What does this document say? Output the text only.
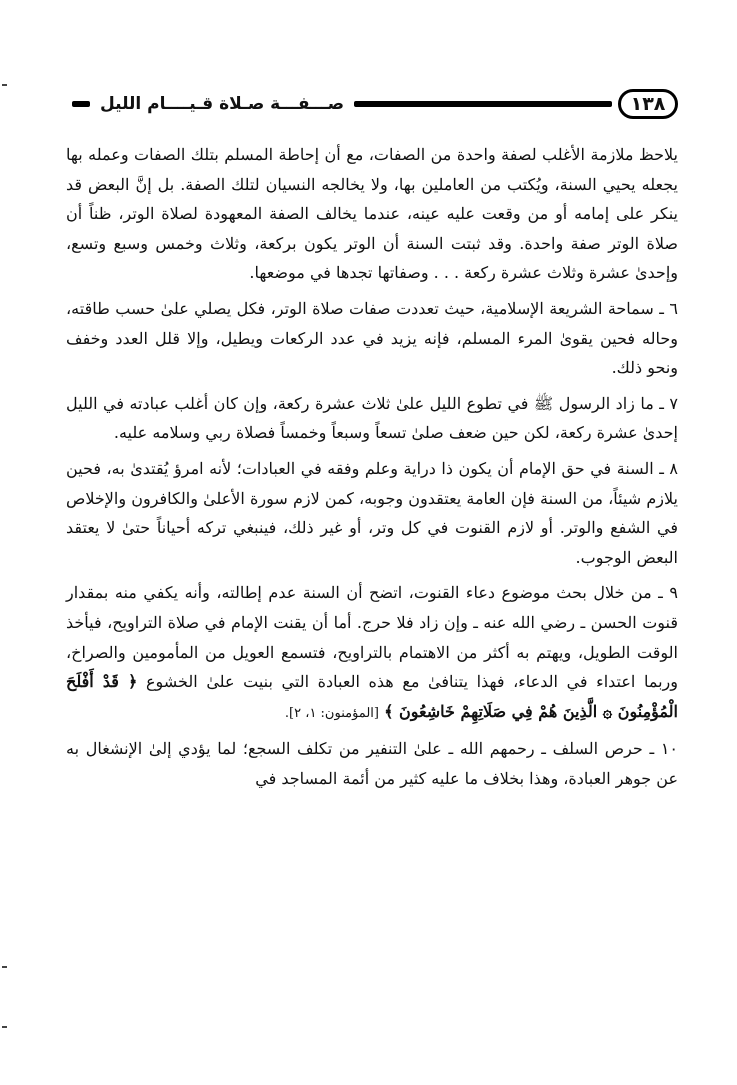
١٣٨
صـــفـــة صـلاة قـيــــام الليل

يلاحظ ملازمة الأغلب لصفة واحدة من الصفات، مع أن إحاطة المسلم بتلك الصفات وعمله بها يجعله يحيي السنة، ويُكتب من العاملين بها، ولا يخالجه النسيان لتلك الصفة. بل إنَّ البعض قد ينكر على إمامه أو من وقعت عليه عينه، عندما يخالف الصفة المعهودة لصلاة الوتر، ظناً أن صلاة الوتر صفة واحدة. وقد ثبتت السنة أن الوتر يكون بركعة، وثلاث وخمس وسبع وتسع، وإحدىٰ عشرة وثلاث عشرة ركعة . . . وصفاتها تجدها في موضعها.

٦ ـ سماحة الشريعة الإسلامية، حيث تعددت صفات صلاة الوتر، فكل يصلي علىٰ حسب طاقته، وحاله فحين يقوىٰ المرء المسلم، فإنه يزيد في عدد الركعات ويطيل، وإلا قلل العدد وخفف ونحو ذلك.

٧ ـ ما زاد الرسول ﷺ في تطوع الليل علىٰ ثلاث عشرة ركعة، وإن كان أغلب عبادته في الليل إحدىٰ عشرة ركعة، لكن حين ضعف صلىٰ تسعاً وسبعاً وخمساً فصلاة ربي وسلامه عليه.

٨ ـ السنة في حق الإمام أن يكون ذا دراية وعلم وفقه في العبادات؛ لأنه امرؤ يُقتدىٰ به، فحين يلازم شيئاً، من السنة فإن العامة يعتقدون وجوبه، كمن لازم سورة الأعلىٰ والكافرون والإخلاص في الشفع والوتر. أو لازم القنوت في كل وتر، أو غير ذلك، فينبغي تركه أحياناً حتىٰ لا يعتقد البعض الوجوب.

٩ ـ من خلال بحث موضوع دعاء القنوت، اتضح أن السنة عدم إطالته، وأنه يكفي منه بمقدار قنوت الحسن ـ رضي الله عنه ـ وإن زاد فلا حرج. أما أن يقنت الإمام في صلاة التراويح، فيأخذ الوقت الطويل، ويهتم به أكثر من الاهتمام بالتراويح، فتسمع العويل من المأمومين والصراخ، وربما اعتداء في الدعاء، فهذا يتنافىٰ مع هذه العبادة التي بنيت علىٰ الخشوع ﴿ قَدْ أَفْلَحَ الْمُؤْمِنُونَ ۞ الَّذِينَ هُمْ فِي صَلَاتِهِمْ خَاشِعُونَ ﴾ [المؤمنون: ١، ٢].

١٠ ـ حرص السلف ـ رحمهم الله ـ علىٰ التنفير من تكلف السجع؛ لما يؤدي إلىٰ الإنشغال به عن جوهر العبادة، وهذا بخلاف ما عليه كثير من أئمة المساجد في
